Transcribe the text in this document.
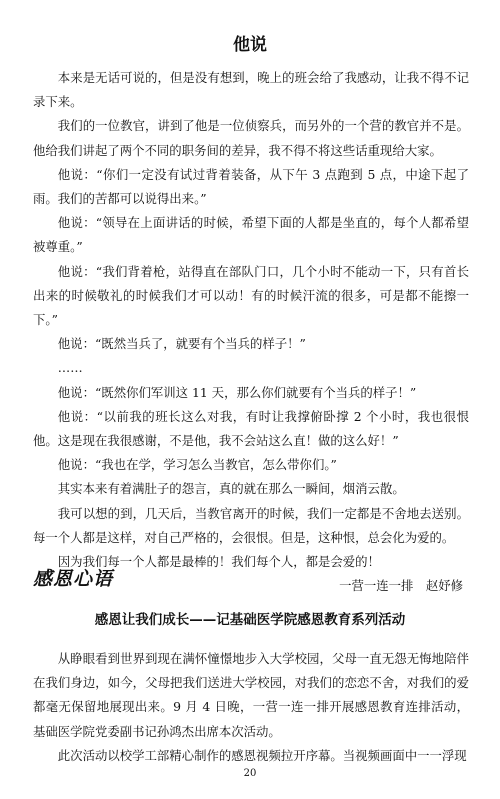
他说

本来是无话可说的，但是没有想到，晚上的班会给了我感动，让我不得不记录下来。

我们的一位教官，讲到了他是一位侦察兵，而另外的一个营的教官并不是。他给我们讲起了两个不同的职务间的差异，我不得不将这些话重现给大家。

他说：“你们一定没有试过背着装备，从下午 3 点跑到 5 点，中途下起了雨。我们的苦都可以说得出来。”

他说：“领导在上面讲话的时候，希望下面的人都是坐直的，每个人都希望被尊重。”

他说：“我们背着枪，站得直在部队门口，几个小时不能动一下，只有首长出来的时候敬礼的时候我们才可以动！有的时候汗流的很多，可是都不能擦一下。”

他说：“既然当兵了，就要有个当兵的样子！”

……

他说：“既然你们军训这 11 天，那么你们就要有个当兵的样子！”

他说：“以前我的班长这么对我，有时让我撑俯卧撑 2 个小时，我也很恨他。这是现在我很感谢，不是他，我不会站这么直！做的这么好！”

他说：“我也在学，学习怎么当教官，怎么带你们。”

其实本来有着满肚子的怨言，真的就在那么一瞬间，烟消云散。

我可以想的到，几天后，当教官离开的时候，我们一定都是不舍地去送别。每一个人都是这样，对自己严格的，会很恨。但是，这种恨，总会化为爱的。

因为我们每一个人都是最棒的！我们每个人，都是会爱的！

一营一连一排　赵妤修

感恩心语
感恩让我们成长——记基础医学院感恩教育系列活动

从睁眼看到世界到现在满怀憧憬地步入大学校园，父母一直无怨无悔地陪伴在我们身边，如今，父母把我们送进大学校园，对我们的恋恋不舍，对我们的爱都毫无保留地展现出来。9 月 4 日晚，一营一连一排开展感恩教育连排活动，基础医学院党委副书记孙鸿杰出席本次活动。

此次活动以校学工部精心制作的感恩视频拉开序幕。当视频画面中一一浮现

20
